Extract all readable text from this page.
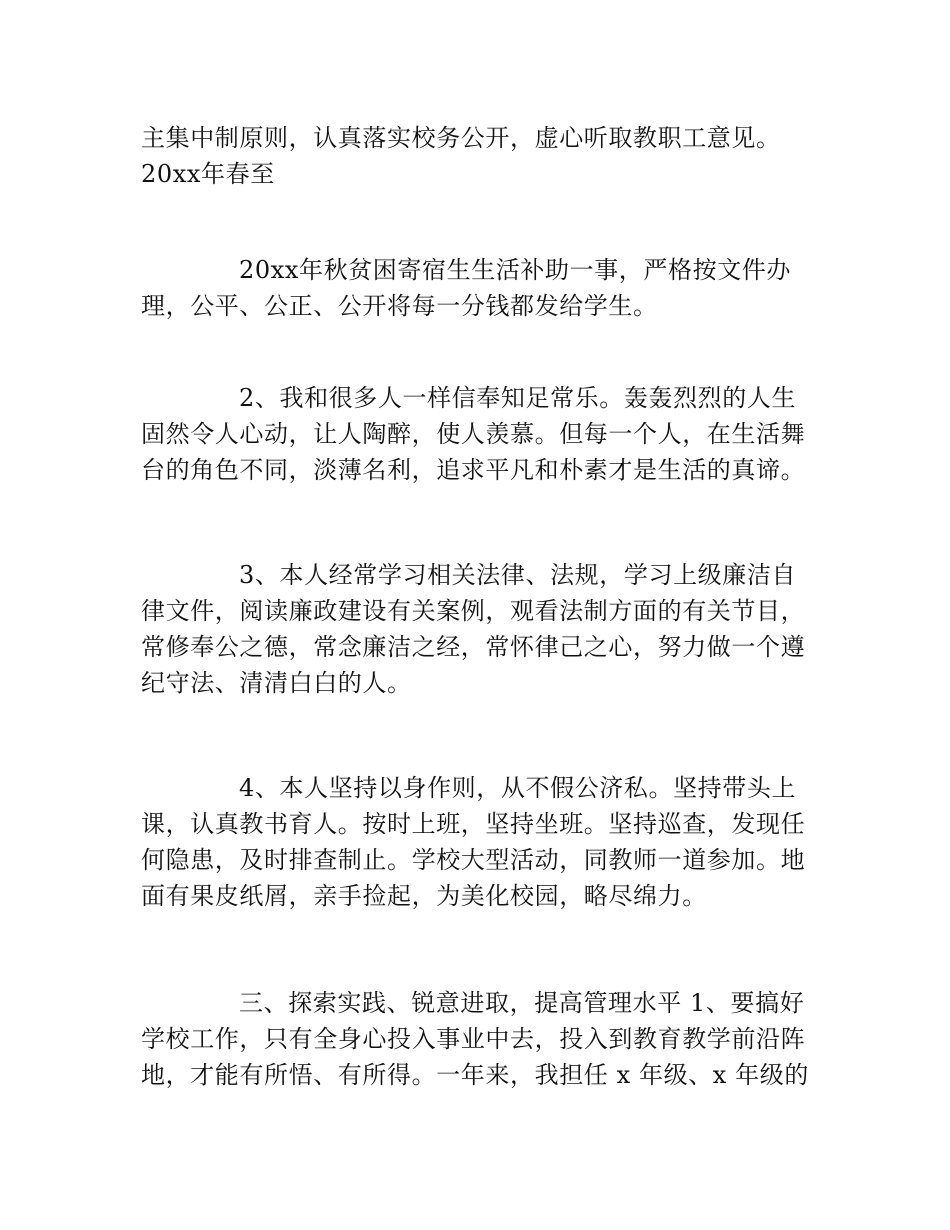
主集中制原则，认真落实校务公开，虚心听取教职工意见。
20xx年春至
20xx年秋贫困寄宿生生活补助一事，严格按文件办
理，公平、公正、公开将每一分钱都发给学生。
2、我和很多人一样信奉知足常乐。轰轰烈烈的人生
固然令人心动，让人陶醉，使人羡慕。但每一个人，在生活舞
台的角色不同，淡薄名利，追求平凡和朴素才是生活的真谛。
3、本人经常学习相关法律、法规，学习上级廉洁自
律文件，阅读廉政建设有关案例，观看法制方面的有关节目，
常修奉公之德，常念廉洁之经，常怀律己之心，努力做一个遵
纪守法、清清白白的人。
4、本人坚持以身作则，从不假公济私。坚持带头上
课，认真教书育人。按时上班，坚持坐班。坚持巡查，发现任
何隐患，及时排查制止。学校大型活动，同教师一道参加。地
面有果皮纸屑，亲手捡起，为美化校园，略尽绵力。
三、探索实践、锐意进取，提高管理水平 1、要搞好
学校工作，只有全身心投入事业中去，投入到教育教学前沿阵
地，才能有所悟、有所得。一年来，我担任 x 年级、x 年级的
